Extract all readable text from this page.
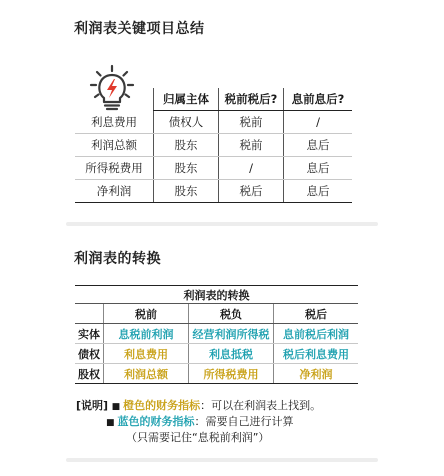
利润表关键项目总结
	归属主体	税前税后?	息前息后?
利息费用	债权人	税前	/
利润总额	股东	税前	息后
所得税费用	股东	/	息后
净利润	股东	税后	息后
利润表的转换
利润表的转换			
	税前	税负	税后
实体	息税前利润	经营利润所得税	息前税后利润
债权	利息费用	利息抵税	税后利息费用
股权	利润总额	所得税费用	净利润
[说明] ■ 橙色的财务指标：可以在利润表上找到。
■ 蓝色的财务指标：需要自己进行计算
（只需要记住“息税前利润”）
